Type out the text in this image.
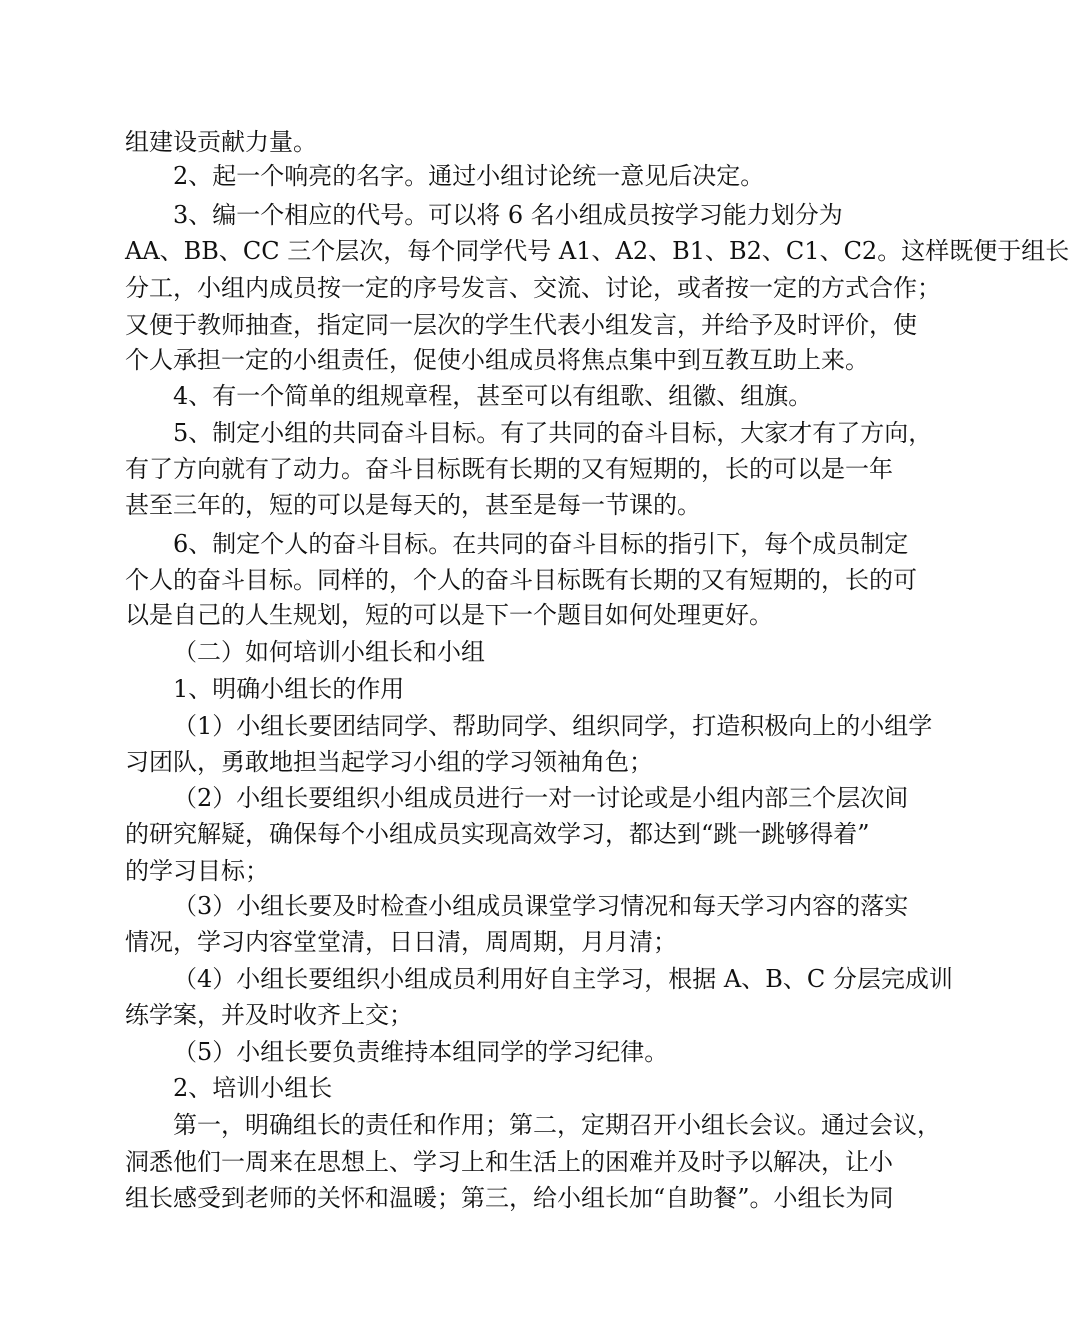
组建设贡献力量。
2、起一个响亮的名字。通过小组讨论统一意见后决定。
3、编一个相应的代号。可以将 6 名小组成员按学习能力划分为
AA、BB、CC 三个层次，每个同学代号 A1、A2、B1、B2、C1、C2。这样既便于组长
分工，小组内成员按一定的序号发言、交流、讨论，或者按一定的方式合作；
又便于教师抽查，指定同一层次的学生代表小组发言，并给予及时评价，使
个人承担一定的小组责任，促使小组成员将焦点集中到互教互助上来。
4、有一个简单的组规章程，甚至可以有组歌、组徽、组旗。
5、制定小组的共同奋斗目标。有了共同的奋斗目标，大家才有了方向，
有了方向就有了动力。奋斗目标既有长期的又有短期的，长的可以是一年
甚至三年的，短的可以是每天的，甚至是每一节课的。
6、制定个人的奋斗目标。在共同的奋斗目标的指引下，每个成员制定
个人的奋斗目标。同样的，个人的奋斗目标既有长期的又有短期的，长的可
以是自己的人生规划，短的可以是下一个题目如何处理更好。
（二）如何培训小组长和小组
1、明确小组长的作用
（1）小组长要团结同学、帮助同学、组织同学，打造积极向上的小组学
习团队，勇敢地担当起学习小组的学习领袖角色；
（2）小组长要组织小组成员进行一对一讨论或是小组内部三个层次间
的研究解疑，确保每个小组成员实现高效学习，都达到“跳一跳够得着”
的学习目标；
（3）小组长要及时检查小组成员课堂学习情况和每天学习内容的落实
情况，学习内容堂堂清，日日清，周周期，月月清；
（4）小组长要组织小组成员利用好自主学习，根据 A、B、C 分层完成训
练学案，并及时收齐上交；
（5）小组长要负责维持本组同学的学习纪律。
2、培训小组长
第一，明确组长的责任和作用；第二，定期召开小组长会议。通过会议，
洞悉他们一周来在思想上、学习上和生活上的困难并及时予以解决，让小
组长感受到老师的关怀和温暖；第三，给小组长加“自助餐”。小组长为同
